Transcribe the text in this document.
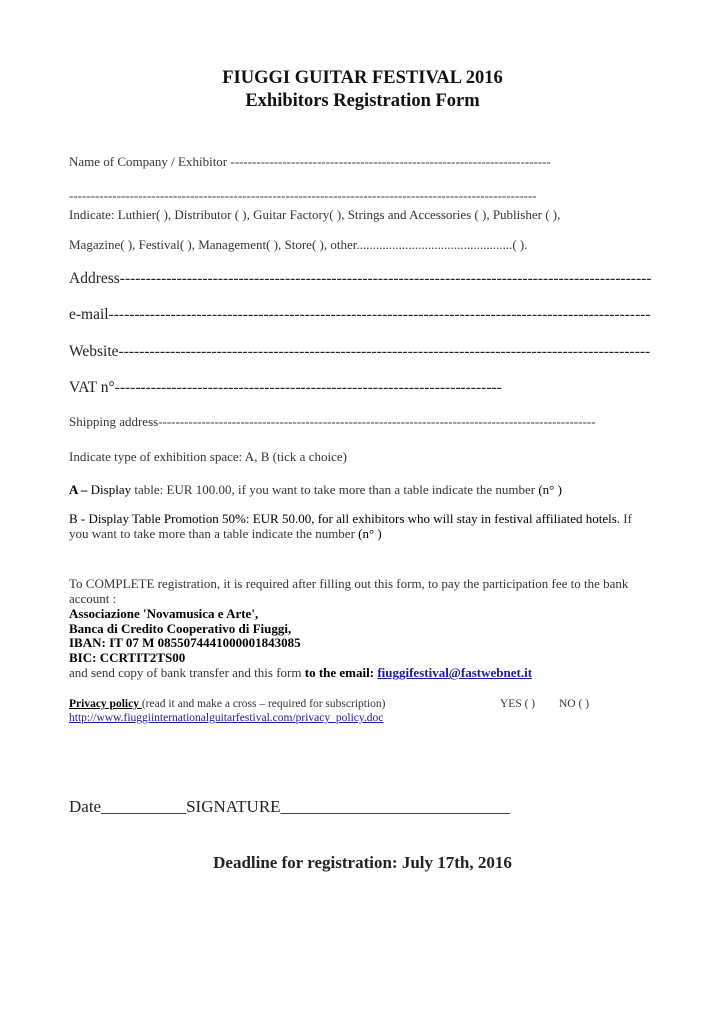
FIUGGI GUITAR FESTIVAL 2016
Exhibitors Registration Form
Name of Company / Exhibitor --------------------------------------------------------------------------
------------------------------------------------------------------------------------------------------------
Indicate: Luthier( ), Distributor ( ), Guitar Factory( ), Strings and Accessories ( ), Publisher ( ),
Magazine( ), Festival( ), Management( ), Store( ), other................................................( ).
Address-------------------------------------------------------------------------------------------------------
e-mail---------------------------------------------------------------------------------------------------------
Website-------------------------------------------------------------------------------------------------------
VAT n°---------------------------------------------------------------------------
Shipping address-----------------------------------------------------------------------------------------------------
Indicate type of exhibition space: A, B (tick a choice)
A – Display table: EUR 100.00, if you want to take more than a table indicate the number (n° )
B - Display Table Promotion 50%: EUR 50.00, for all exhibitors who will stay in festival affiliated hotels. If
you want to take more than a table indicate the number (n° )
To COMPLETE registration, it is required after filling out this form, to pay the participation fee to the bank
account :
Associazione 'Novamusica e Arte',
Banca di Credito Cooperativo di Fiuggi,
IBAN: IT 07 M 0855074441000001843085
BIC: CCRTIT2TS00
and send copy of bank transfer and this form to the email: fiuggifestival@fastwebnet.it
Privacy policy (read it and make a cross – required for subscription)	YES ( ) NO ( )
http://www.fiuggiinternationalguitarfestival.com/privacy_policy.doc
Date__________SIGNATURE___________________________
Deadline for registration: July 17th, 2016
